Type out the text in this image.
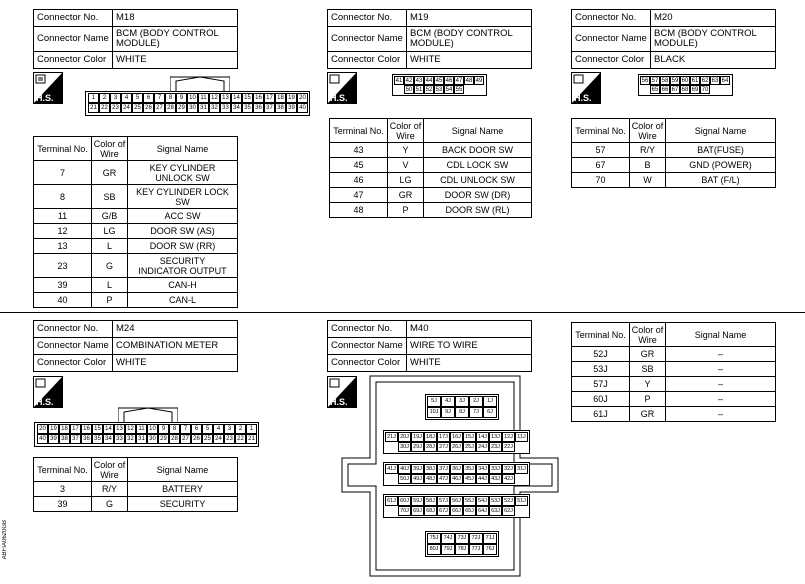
Connector No.	M18
Connector Name	BCM (BODY CONTROL MODULE)
Connector Color	WHITE
H.S.	1	2	3	4	5	6	7	8	9 10 11 12 13 14 15 16 17 18 19 20
21 22 23 24 25 26 27 28 29 30 31 32 33 34 35 36 37 38 39 40
Terminal No.	Color of Wire	Signal Name
7	GR	KEY CYLINDER UNLOCK SW
8	SB	KEY CYLINDER LOCK SW
11	G/B	ACC SW
12	LG	DOOR SW (AS)
13	L	DOOR SW (RR)
23	G	SECURITY INDICATOR OUTPUT
39	L	CAN-H
40	P	CAN-L
Connector No.	M19
Connector Name	BCM (BODY CONTROL MODULE)
Connector Color	WHITE
H.S.
41 42 43 44 45 46 47 48 49
50 51 52 53 54 55
Terminal No.	Color of Wire	Signal Name
43	Y	BACK DOOR SW
45	V	CDL LOCK SW
46	LG	CDL UNLOCK SW
47	GR	DOOR SW (DR)
48	P	DOOR SW (RL)
Connector No.	M20
Connector Name	BCM (BODY CONTROL MODULE)
Connector Color	BLACK
H.S.
56 57 58 59 60 61 62 63 64
65 66 67 68 69 70
Terminal No.	Color of Wire	Signal Name
57	R/Y	BAT(FUSE)
67	B	GND (POWER)
70	W	BAT (F/L)
Connector No.	M24
Connector Name	COMBINATION METER
Connector Color	WHITE
H.S.
20 19 18 17 16 15 14 13 12 11 10 9	8	7	6	5	4	3	2	1
40 39 38 37 36 35 34 33 32 31 30 29 28 27 26 25 24 23 22 21
Terminal No.	Color of Wire	Signal Name
3	R/Y	BATTERY
39	G	SECURITY
Connector No.	M40
Connector Name	WIRE TO WIRE
Connector Color	WHITE
H.S.	5J	4J	3J	2J	1J
10J	9J	8J	7J	6J
21J 20J 19J 18J 17J 16J 15J 14J 13J 12J 11J
30J 29J 28J 27J 26J 25J 24J 23J 22J
41J 40J 39J 38J 37J 36J 35J 34J 33J 32J 31J
50J 49J 48J 47J 46J 45J 44J 43J 42J
61J 60J 59J 58J 57J 56J 55J 54J 53J 52J 51J
70J 69J 68J 67J 66J 65J 64J 63J 62J
75J 74J 73J 72J 71J
80J 79J 78J 77J 76J
Terminal No.	Color of Wire	Signal Name
52J	GR	–
53J	SB	–
57J	Y	–
60J	P	–
61J	GR	–
ABFIA0620GB
